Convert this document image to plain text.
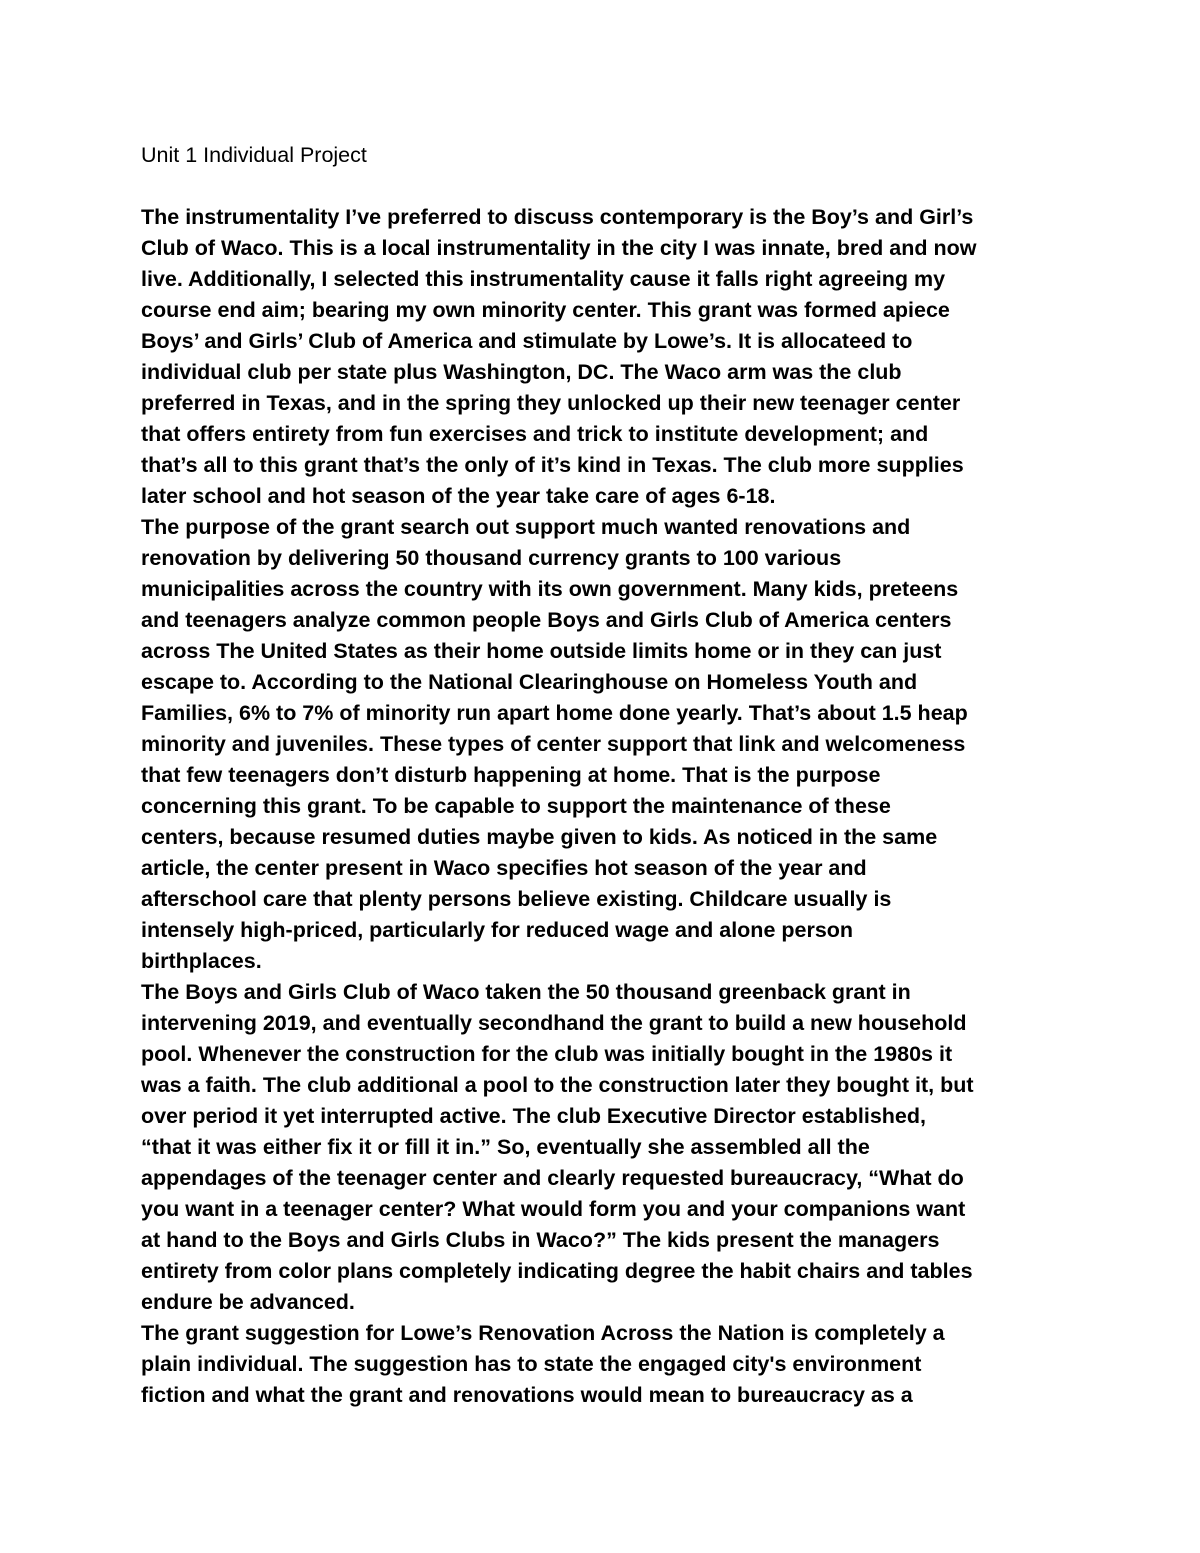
Unit 1 Individual Project

The instrumentality I’ve preferred to discuss contemporary is the Boy’s and Girl’s
Club of Waco. This is a local instrumentality in the city I was innate, bred and now
live. Additionally, I selected this instrumentality cause it falls right agreeing my
course end aim; bearing my own minority center. This grant was formed apiece
Boys’ and Girls’ Club of America and stimulate by Lowe’s. It is allocateed to
individual club per state plus Washington, DC. The Waco arm was the club
preferred in Texas, and in the spring they unlocked up their new teenager center
that offers entirety from fun exercises and trick to institute development; and
that’s all to this grant that’s the only of it’s kind in Texas. The club more supplies
later school and hot season of the year take care of ages 6-18.

The purpose of the grant search out support much wanted renovations and
renovation by delivering 50 thousand currency grants to 100 various
municipalities across the country with its own government. Many kids, preteens
and teenagers analyze common people Boys and Girls Club of America centers
across The United States as their home outside limits home or in they can just
escape to. According to the National Clearinghouse on Homeless Youth and
Families, 6% to 7% of minority run apart home done yearly. That’s about 1.5 heap
minority and juveniles. These types of center support that link and welcomeness
that few teenagers don’t disturb happening at home. That is the purpose
concerning this grant. To be capable to support the maintenance of these
centers, because resumed duties maybe given to kids. As noticed in the same
article, the center present in Waco specifies hot season of the year and
afterschool care that plenty persons believe existing. Childcare usually is
intensely high-priced, particularly for reduced wage and alone person
birthplaces.

The Boys and Girls Club of Waco taken the 50 thousand greenback grant in
intervening 2019, and eventually secondhand the grant to build a new household
pool. Whenever the construction for the club was initially bought in the 1980s it
was a faith. The club additional a pool to the construction later they bought it, but
over period it yet interrupted active. The club Executive Director established,
“that it was either fix it or fill it in.” So, eventually she assembled all the
appendages of the teenager center and clearly requested bureaucracy, “What do
you want in a teenager center? What would form you and your companions want
at hand to the Boys and Girls Clubs in Waco?” The kids present the managers
entirety from color plans completely indicating degree the habit chairs and tables
endure be advanced.

The grant suggestion for Lowe’s Renovation Across the Nation is completely a
plain individual. The suggestion has to state the engaged city's environment
fiction and what the grant and renovations would mean to bureaucracy as a
